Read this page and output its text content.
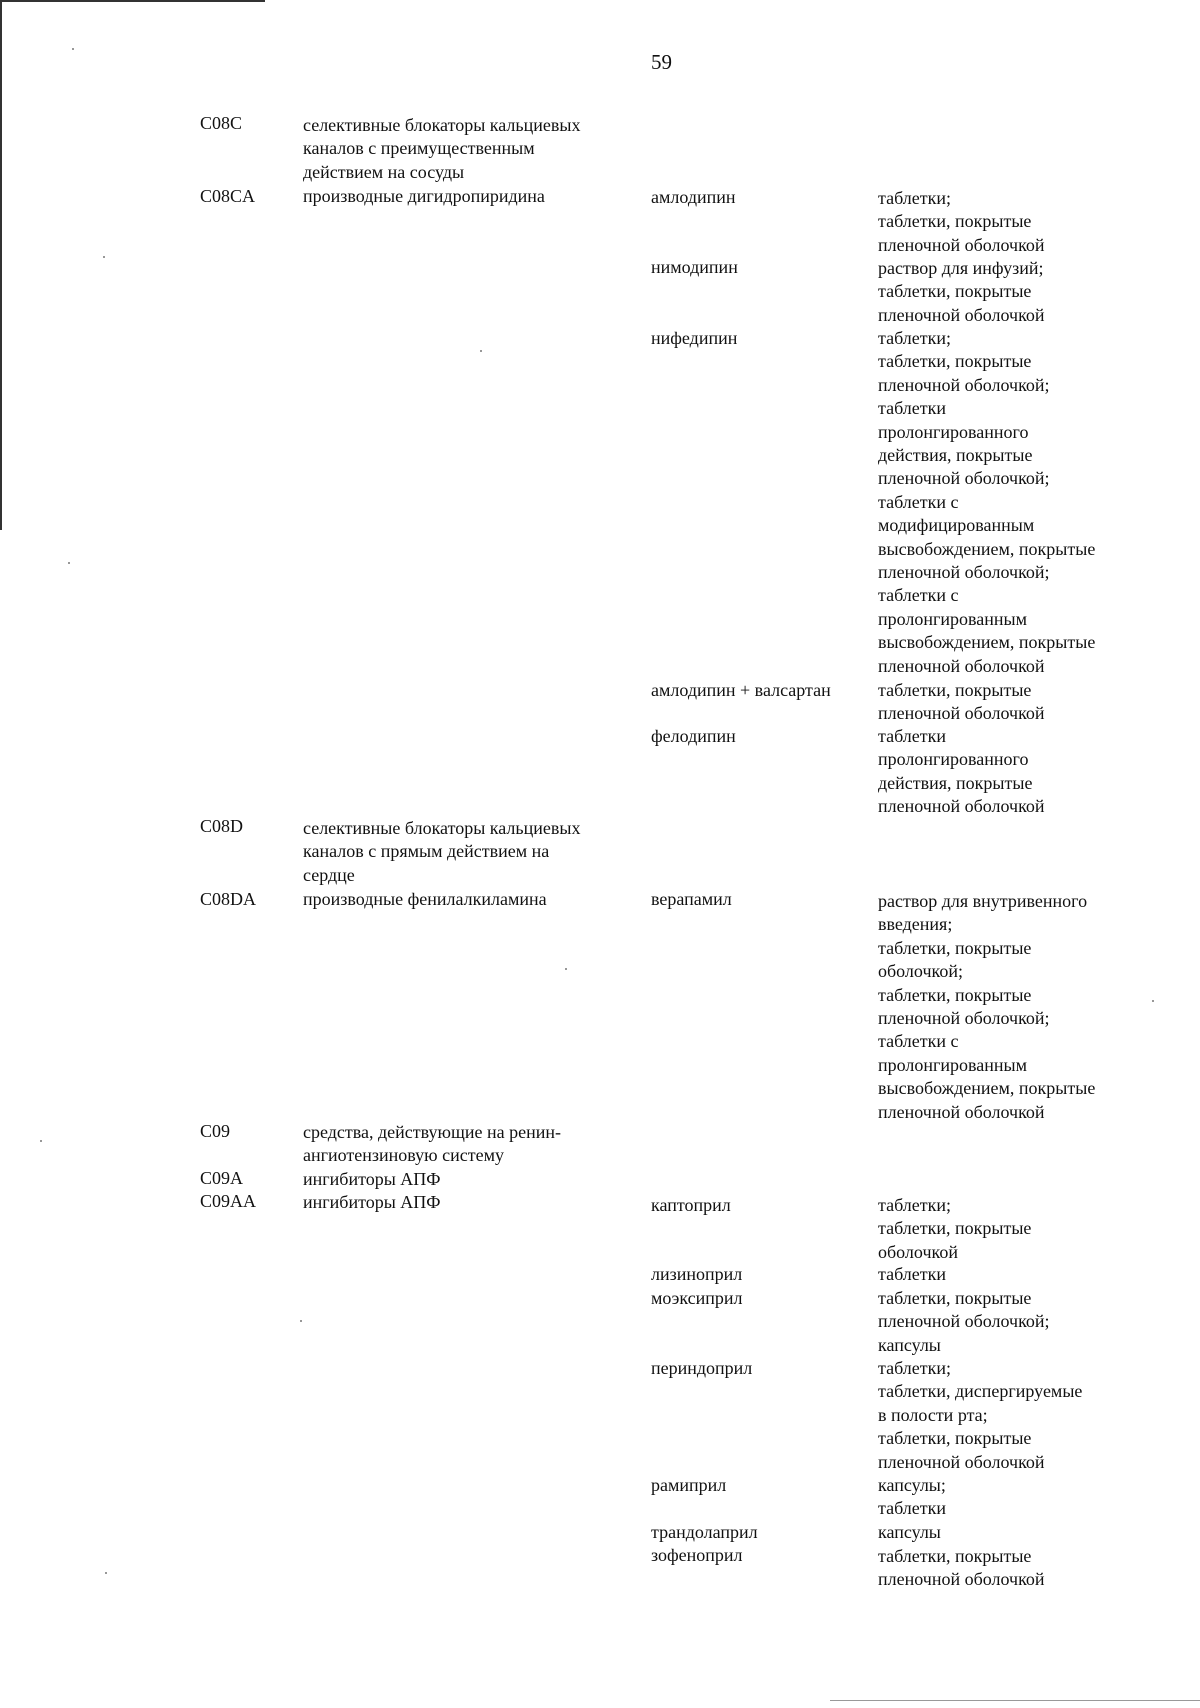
59
C08C	селективные блокаторы кальциевых
каналов с преимущественным
действием на сосуды
C08CA	производные дигидропиридина	амлодипин	таблетки;
таблетки, покрытые
пленочной оболочкой
нимодипин	раствор для инфузий;
таблетки, покрытые
пленочной оболочкой
нифедипин	таблетки;
таблетки, покрытые
пленочной оболочкой;
таблетки
пролонгированного
действия, покрытые
пленочной оболочкой;
таблетки с
модифицированным
высвобождением, покрытые
пленочной оболочкой;
таблетки с
пролонгированным
высвобождением, покрытые
пленочной оболочкой
амлодипин + валсартан	таблетки, покрытые
пленочной оболочкой
фелодипин	таблетки
пролонгированного
действия, покрытые
пленочной оболочкой
C08D	селективные блокаторы кальциевых
каналов с прямым действием на
сердце
C08DA	производные фенилалкиламина	верапамил	раствор для внутривенного
введения;
таблетки, покрытые
оболочкой;
таблетки, покрытые
пленочной оболочкой;
таблетки с
пролонгированным
высвобождением, покрытые
пленочной оболочкой
C09	средства, действующие на ренин-
ангиотензиновую систему
C09A	ингибиторы АПФ
C09AA	ингибиторы АПФ	каптоприл	таблетки;
таблетки, покрытые
оболочкой
лизиноприл	таблетки
моэксиприл	таблетки, покрытые
пленочной оболочкой;
капсулы
периндоприл	таблетки;
таблетки, диспергируемые
в полости рта;
таблетки, покрытые
пленочной оболочкой
рамиприл	капсулы;
таблетки
трандолаприл	капсулы
зофеноприл	таблетки, покрытые
пленочной оболочкой
